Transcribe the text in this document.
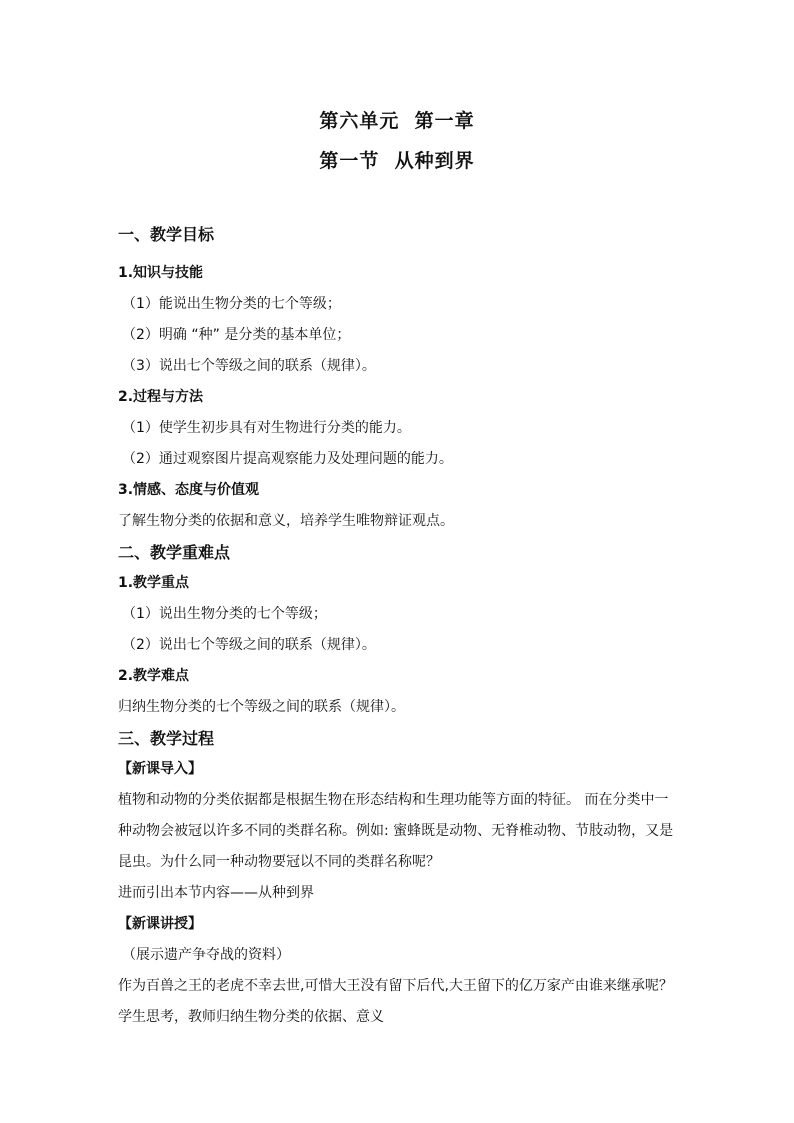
第六单元  第一章
第一节  从种到界
一、教学目标
1.知识与技能
（1）能说出生物分类的七个等级；
（2）明确 “种” 是分类的基本单位；
（3）说出七个等级之间的联系（规律）。
2.过程与方法
（1）使学生初步具有对生物进行分类的能力。
（2）通过观察图片提高观察能力及处理问题的能力。
3.情感、态度与价值观
了解生物分类的依据和意义，培养学生唯物辩证观点。
二、教学重难点
1.教学重点
（1）说出生物分类的七个等级；
（2）说出七个等级之间的联系（规律）。
2.教学难点
归纳生物分类的七个等级之间的联系（规律）。
三、教学过程
【新课导入】
植物和动物的分类依据都是根据生物在形态结构和生理功能等方面的特征。 而在分类中一
种动物会被冠以许多不同的类群名称。例如: 蜜蜂既是动物、无脊椎动物、节肢动物，又是
昆虫。为什么同一种动物要冠以不同的类群名称呢？
进而引出本节内容——从种到界
【新课讲授】
（展示遗产争夺战的资料）
作为百兽之王的老虎不幸去世,可惜大王没有留下后代,大王留下的亿万家产由谁来继承呢？
学生思考，教师归纳生物分类的依据、意义
